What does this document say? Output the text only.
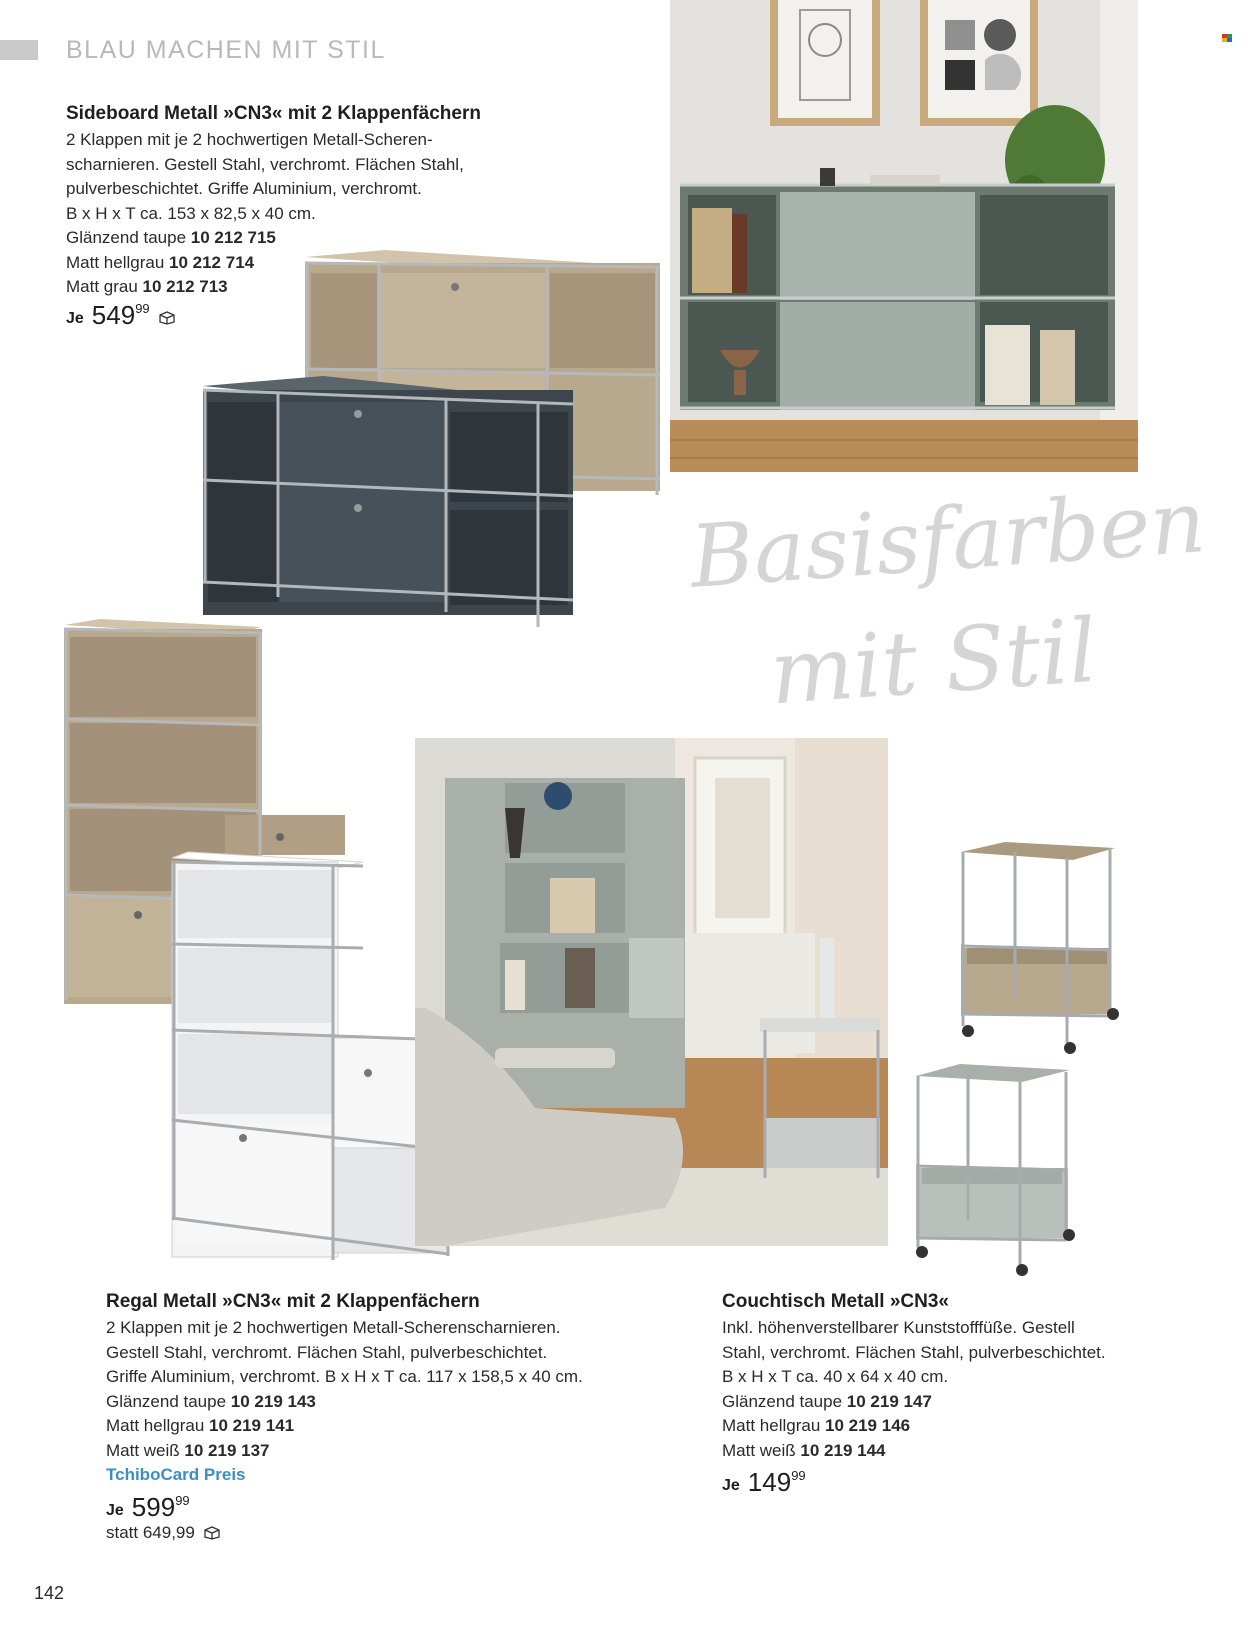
BLAU MACHEN MIT STIL
Sideboard Metall »CN3« mit 2 Klappenfächern
2 Klappen mit je 2 hochwertigen Metall-Scheren-
scharnieren. Gestell Stahl, verchromt. Flächen Stahl,
pulverbeschichtet. Griffe Aluminium, verchromt.
B x H x T ca. 153 x 82,5 x 40 cm.
Glänzend taupe 10 212 715
Matt hellgrau 10 212 714
Matt grau 10 212 713
Je 549 99
Basisfarben
mit Stil
Regal Metall »CN3« mit 2 Klappenfächern
2 Klappen mit je 2 hochwertigen Metall-Scherenscharnieren.
Gestell Stahl, verchromt. Flächen Stahl, pulverbeschichtet.
Griffe Aluminium, verchromt. B x H x T ca. 117 x 158,5 x 40 cm.
Glänzend taupe 10 219 143
Matt hellgrau 10 219 141
Matt weiß 10 219 137
TchiboCard Preis
Je 599 99
statt 649,99
Couchtisch Metall »CN3«
Inkl. höhenverstellbarer Kunststofffüße. Gestell
Stahl, verchromt. Flächen Stahl, pulverbeschichtet.
B x H x T ca. 40 x 64 x 40 cm.
Glänzend taupe 10 219 147
Matt hellgrau 10 219 146
Matt weiß 10 219 144
Je 149 99
142
